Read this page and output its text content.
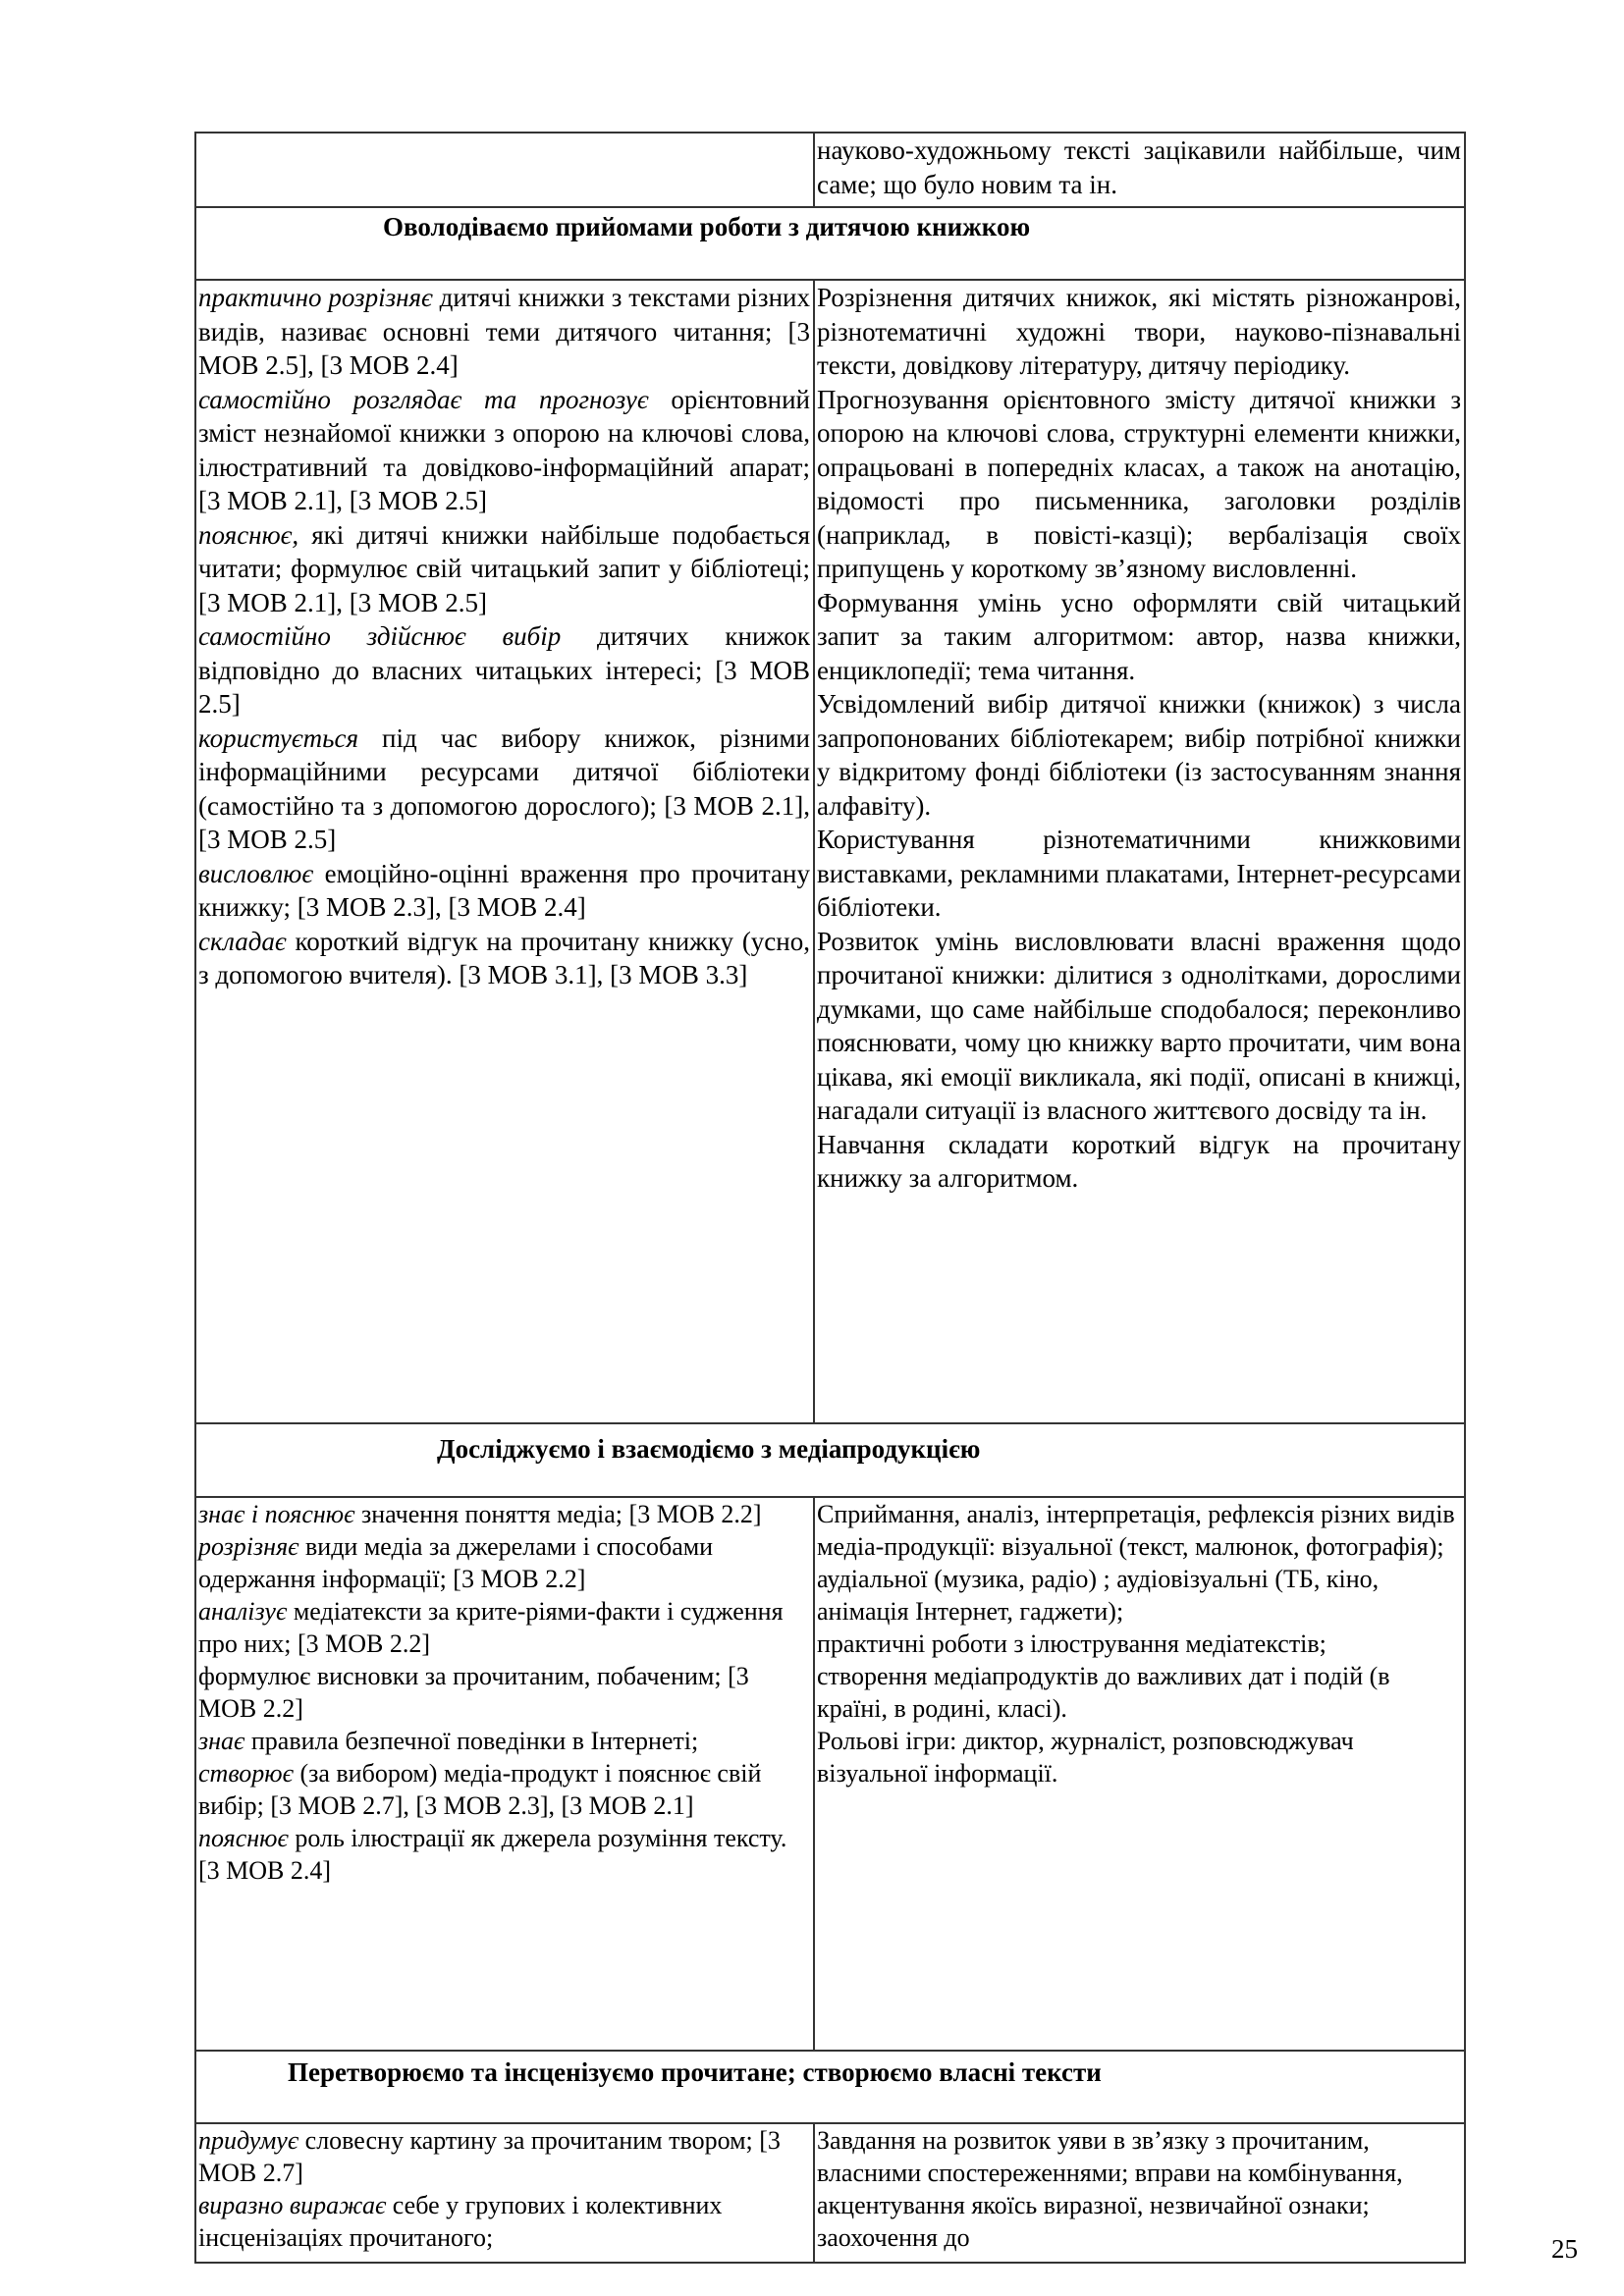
науково-художньому тексті зацікавили найбільше, чим саме; що було новим та ін.

Оволодіваємо прийомами роботи з дитячою книжкою

практично розрізняє дитячі книжки з текстами різних видів, називає основні теми дитячого читання; [3 МОВ 2.5], [3 МОВ 2.4]

самостійно розглядає та прогнозує орієнтовний зміст незнайомої книжки з опорою на ключові слова, ілюстративний та довідково-інформаційний апарат; [3 МОВ 2.1], [3 МОВ 2.5]

пояснює, які дитячі книжки найбільше подобається читати; формулює свій читацький запит у бібліотеці; [3 МОВ 2.1], [3 МОВ 2.5]

самостійно здійснює вибір дитячих книжок відповідно до власних читацьких інтересі; [3 МОВ 2.5]

користується під час вибору книжок, різними інформаційними ресурсами дитячої бібліотеки (самостійно та з допомогою дорослого); [3 МОВ 2.1], [3 МОВ 2.5]

висловлює емоційно-оцінні враження про прочитану книжку; [3 МОВ 2.3], [3 МОВ 2.4]

складає короткий відгук на прочитану книжку (усно, з допомогою вчителя). [3 МОВ 3.1], [3 МОВ 3.3]

Розрізнення дитячих книжок, які містять різножанрові, різнотематичні художні твори, науково-пізнавальні тексти, довідкову літературу, дитячу періодику.

Прогнозування орієнтовного змісту дитячої книжки з опорою на ключові слова, структурні елементи книжки, опрацьовані в попередніх класах, а також на анотацію, відомості про письменника, заголовки розділів (наприклад, в повісті-казці); вербалізація своїх припущень у короткому зв’язному висловленні.

Формування умінь усно оформляти свій читацький запит за таким алгоритмом: автор, назва книжки, енциклопедії; тема читання.

Усвідомлений вибір дитячої книжки (книжок) з числа запропонованих бібліотекарем; вибір потрібної книжки у відкритому фонді бібліотеки (із застосуванням знання алфавіту).

Користування різнотематичними книжковими виставками, рекламними плакатами, Інтернет-ресурсами бібліотеки.

Розвиток умінь висловлювати власні враження щодо прочитаної книжки: ділитися з однолітками, дорослими думками, що саме найбільше сподобалося; переконливо пояснювати, чому цю книжку варто прочитати, чим вона цікава, які емоції викликала, які події, описані в книжці, нагадали ситуації із власного життєвого досвіду та ін.

Навчання складати короткий відгук на прочитану книжку за алгоритмом.

Досліджуємо і взаємодіємо з медіапродукцією

знає і пояснює значення поняття медіа; [3 МОВ 2.2]

розрізняє види медіа за джерелами і способами одержання інформації; [3 МОВ 2.2]

аналізує медіатексти за крите-ріями-факти і судження про них; [3 МОВ 2.2]

формулює висновки за прочитаним, побаченим; [3 МОВ 2.2]

знає правила безпечної поведінки в Інтернеті;

створює (за вибором) медіа-продукт і пояснює свій вибір; [3 МОВ 2.7], [3 МОВ 2.3], [3 МОВ 2.1]

пояснює роль ілюстрації як джерела розуміння тексту. [3 МОВ 2.4]

Сприймання, аналіз, інтерпретація, рефлексія різних видів медіа-продукції: візуальної (текст, малюнок, фотографія);

аудіальної (музика, радіо) ; аудіовізуальні (ТБ, кіно, анімація Інтернет, гаджети);

практичні роботи з ілюстрування медіатекстів;

створення медіапродуктів до важливих дат і подій (в країні, в родині, класі).

Рольові ігри: диктор, журналіст, розповсюджувач візуальної інформації.

Перетворюємо та інсценізуємо прочитане; створюємо власні тексти

придумує словесну картину за прочитаним твором; [3 МОВ 2.7]

виразно виражає себе у групових і колективних інсценізаціях прочитаного;

Завдання на розвиток уяви в зв’язку з прочитаним, власними спостереженнями; вправи на комбінування, акцентування якоїсь виразної, незвичайної ознаки; заохочення до	25
